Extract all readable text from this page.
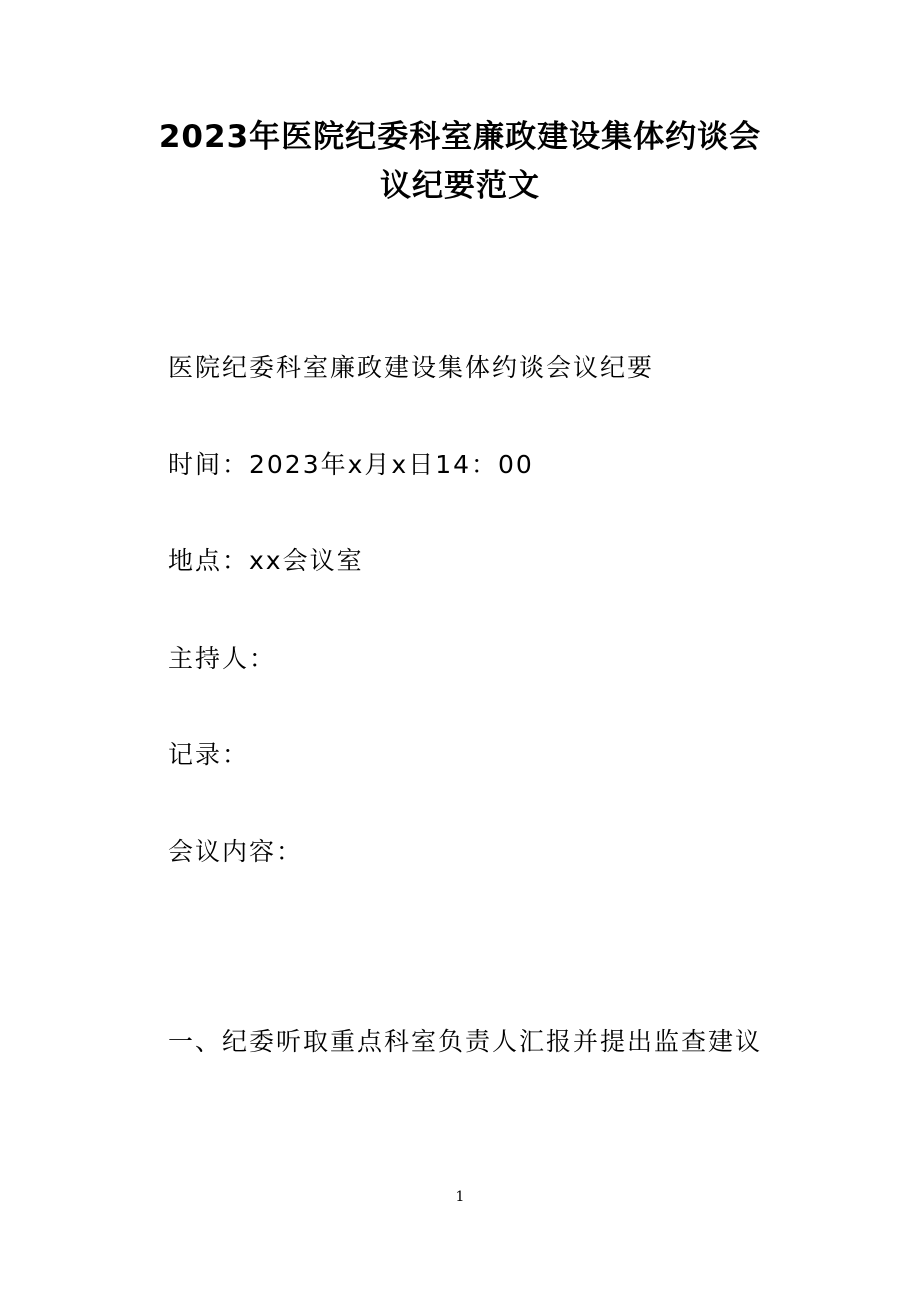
2023年医院纪委科室廉政建设集体约谈会
议纪要范文

医院纪委科室廉政建设集体约谈会议纪要

时间：2023年x月x日14：00

地点：xx会议室

主持人：

记录：

会议内容：

一、纪委听取重点科室负责人汇报并提出监查建议

1
